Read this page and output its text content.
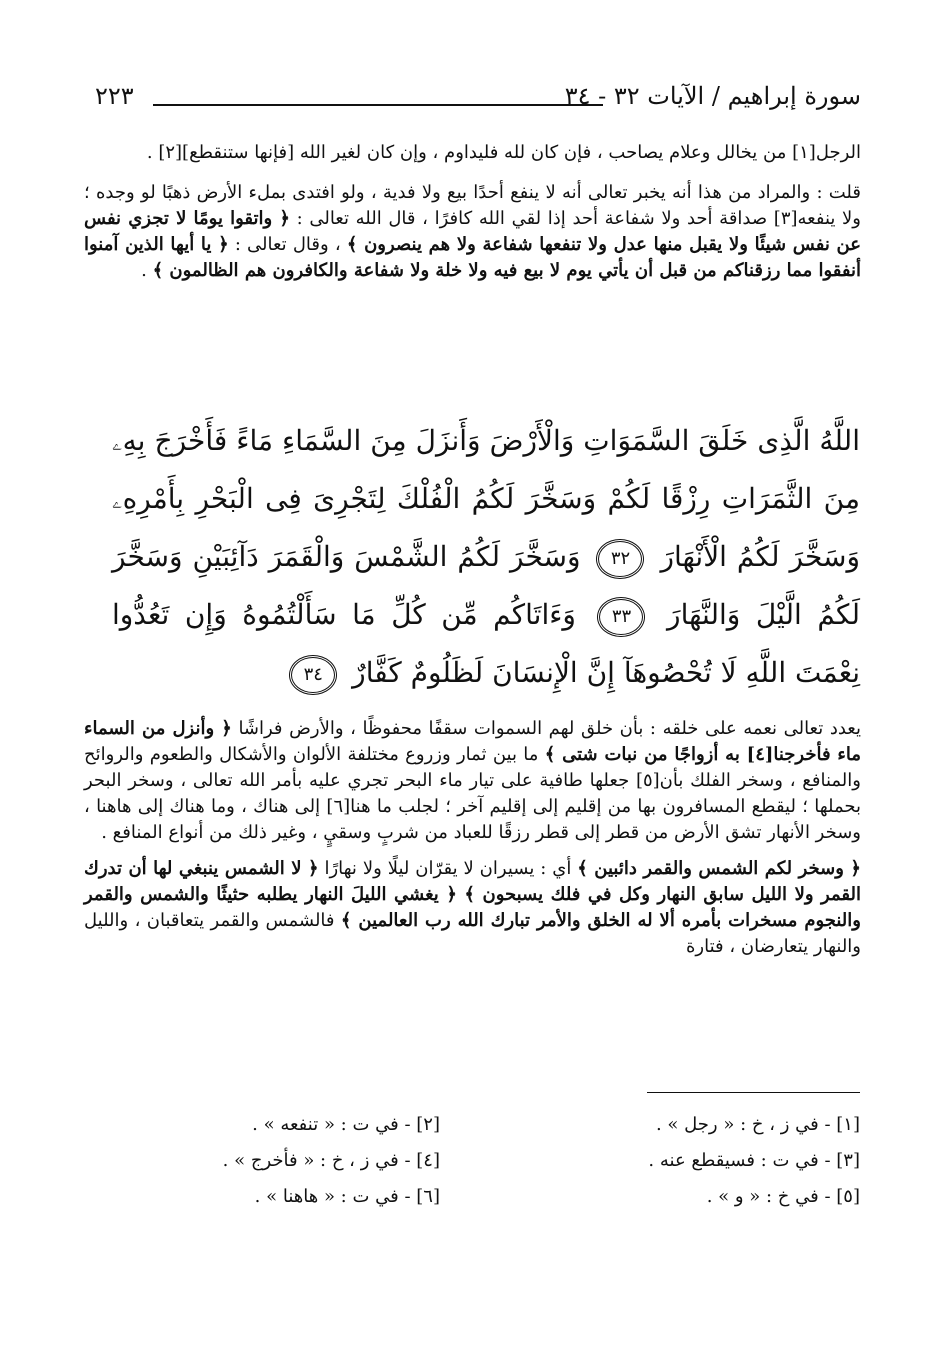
٢٢٣	سورة إبراهيم / الآيات ٣٢ - ٣٤

الرجل[١] من يخالل وعلام يصاحب ، فإن كان لله فليداوم ، وإن كان لغير الله [فإنها ستنقطع][٢] .

قلت : والمراد من هذا أنه يخبر تعالى أنه لا ينفع أحدًا بيع ولا فدية ، ولو افتدى بملء الأرض ذهبًا لو وجده ؛ ولا ينفعه[٣] صداقة أحد ولا شفاعة أحد إذا لقي الله كافرًا ، قال الله تعالى : ﴿ واتقوا يومًا لا تجزي نفس عن نفس شيئًا ولا يقبل منها عدل ولا تنفعها شفاعة ولا هم ينصرون ﴾ ، وقال تعالى : ﴿ يا أيها الذين آمنوا أنفقوا مما رزقناكم من قبل أن يأتي يوم لا بيع فيه ولا خلة ولا شفاعة والكافرون هم الظالمون ﴾ .

اللَّهُ الَّذِى خَلَقَ السَّمَوَاتِ وَالْأَرْضَ وَأَنزَلَ مِنَ السَّمَاءِ مَاءً فَأَخْرَجَ بِهِۦ مِنَ الثَّمَرَاتِ رِزْقًا لَكُمْ وَسَخَّرَ لَكُمُ الْفُلْكَ لِتَجْرِىَ فِى الْبَحْرِ بِأَمْرِهِۦ وَسَخَّرَ لَكُمُ الْأَنْهَارَ ٣٢ وَسَخَّرَ لَكُمُ الشَّمْسَ وَالْقَمَرَ دَآئِبَيْنِ وَسَخَّرَ لَكُمُ الَّيْلَ وَالنَّهَارَ ٣٣ وَءَاتَاكُم مِّن كُلِّ مَا سَأَلْتُمُوهُ وَإِن تَعُدُّوا نِعْمَتَ اللَّهِ لَا تُحْصُوهَآ إِنَّ الْإِنسَانَ لَظَلُومٌ كَفَّارٌ ٣٤

يعدد تعالى نعمه على خلقه : بأن خلق لهم السموات سقفًا محفوظًا ، والأرض فراشًا ﴿ وأنزل من السماء ماء فأخرجنا[٤] به أزواجًا من نبات شتى ﴾ ما بين ثمار وزروع مختلفة الألوان والأشكال والطعوم والروائح والمنافع ، وسخر الفلك بأن[٥] جعلها طافية على تيار ماء البحر تجري عليه بأمر الله تعالى ، وسخر البحر بحملها ؛ ليقطع المسافرون بها من إقليم إلى إقليم آخر ؛ لجلب ما هنا[٦] إلى هناك ، وما هناك إلى هاهنا ، وسخر الأنهار تشق الأرض من قطر إلى قطر رزقًا للعباد من شربٍ وسقيٍ ، وغير ذلك من أنواع المنافع .

﴿ وسخر لكم الشمس والقمر دائبين ﴾ أي : يسيران لا يقرّان ليلًا ولا نهارًا ﴿ لا الشمس ينبغي لها أن تدرك القمر ولا الليل سابق النهار وكل في فلك يسبحون ﴾ ﴿ يغشي الليلَ النهار يطلبه حثيثًا والشمس والقمر والنجوم مسخرات بأمره ألا له الخلق والأمر تبارك الله رب العالمين ﴾ فالشمس والقمر يتعاقبان ، والليل والنهار يتعارضان ، فتارة

[١] - في ز ، خ : « رجل » .
[٢] - في ت : « تنفعه » .
[٣] - في ت : فسيقطع عنه .
[٤] - في ز ، خ : « فأخرج » .
[٥] - في خ : « و » .
[٦] - في ت : « هاهنا » .
